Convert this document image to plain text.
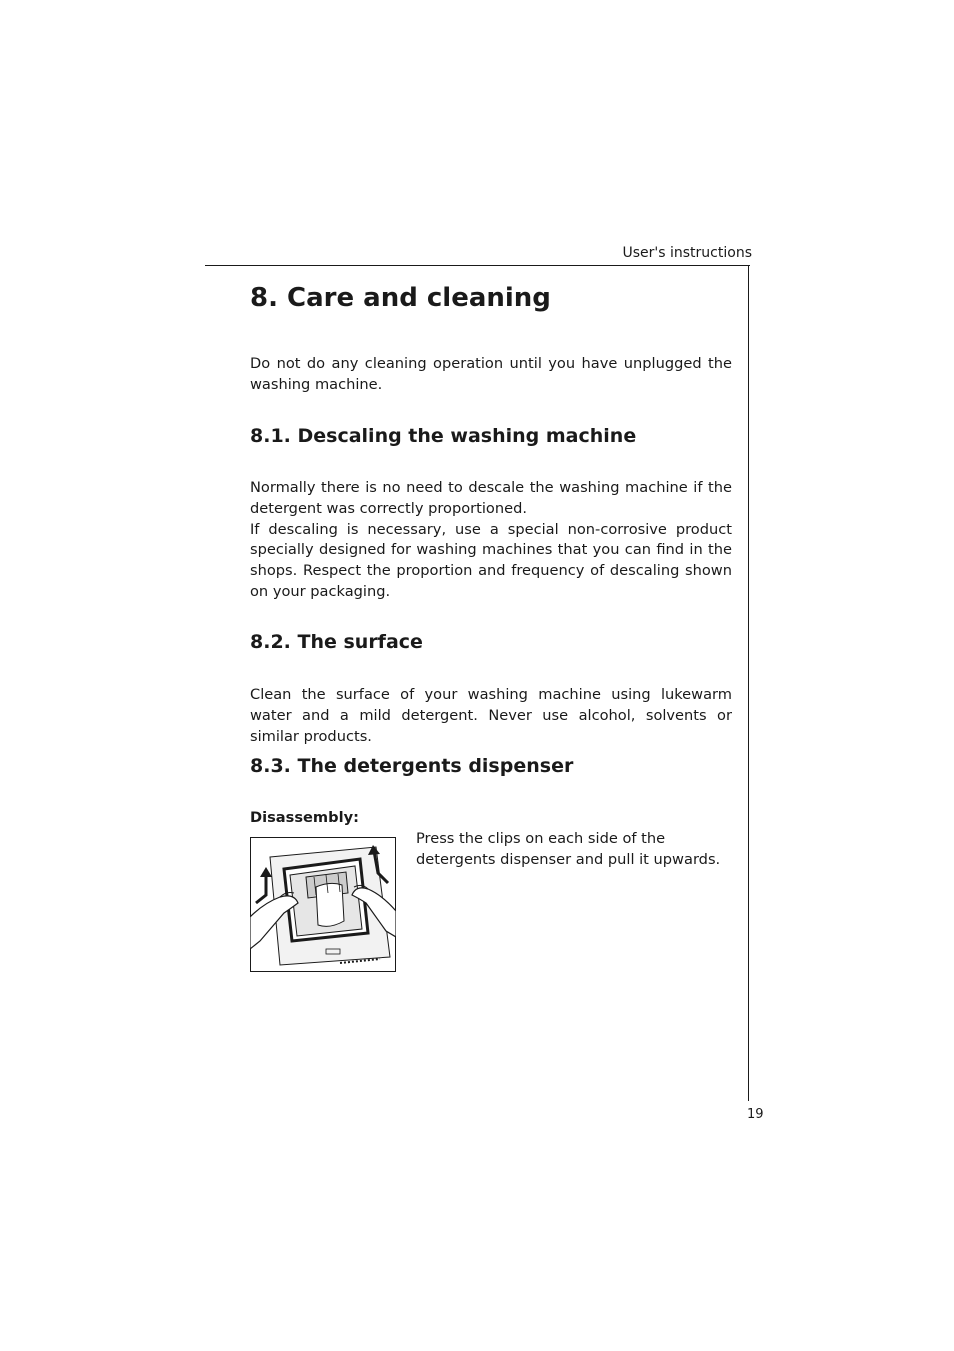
User's instructions
8. Care and cleaning

Do not do any cleaning operation until you have unplugged the washing machine.

8.1. Descaling the washing machine

Normally there is no need to descale the washing machine if the detergent was correctly proportioned.

If descaling is necessary, use a special non-corrosive product specially designed for washing machines that you can find in the shops. Respect the proportion and frequency of descaling shown on your packaging.

8.2. The surface

Clean the surface of your washing machine using lukewarm water and a mild detergent. Never use alcohol, solvents or similar products.

8.3. The detergents dispenser
Disassembly:

Press the clips on each side of the detergents dispenser and pull it upwards.

19
